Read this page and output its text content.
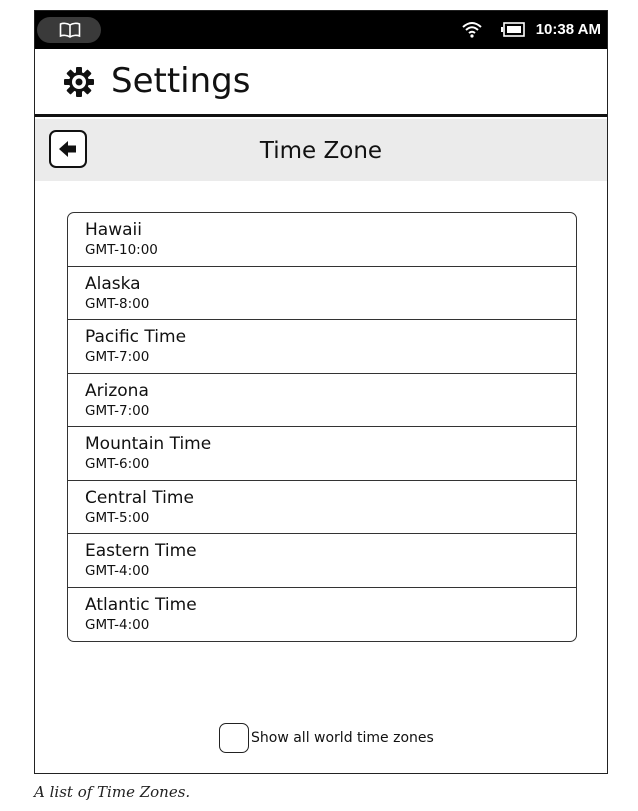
10:38 AM
Settings
Time Zone
Hawaii
GMT-10:00
Alaska
GMT-8:00
Pacific Time
GMT-7:00
Arizona
GMT-7:00
Mountain Time
GMT-6:00
Central Time
GMT-5:00
Eastern Time
GMT-4:00
Atlantic Time
GMT-4:00
Show all world time zones
A list of Time Zones.
